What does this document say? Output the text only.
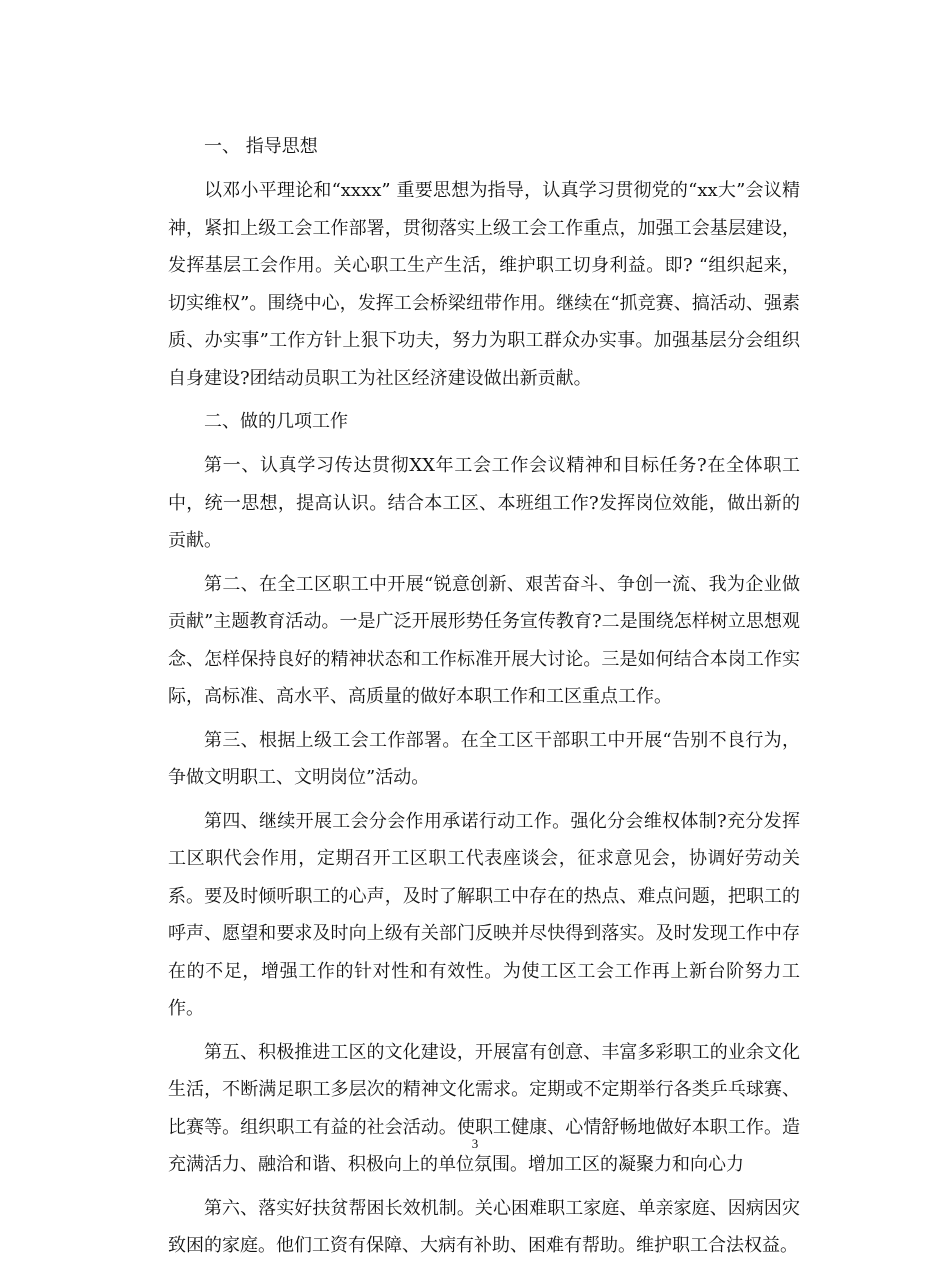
一、 指导思想

以邓小平理论和“xxxx” 重要思想为指导，认真学习贯彻党的“xx大”会议精神，紧扣上级工会工作部署，贯彻落实上级工会工作重点，加强工会基层建设，发挥基层工会作用。关心职工生产生活，维护职工切身利益。即? “组织起来，切实维权”。围绕中心，发挥工会桥梁纽带作用。继续在“抓竞赛、搞活动、强素质、办实事”工作方针上狠下功夫，努力为职工群众办实事。加强基层分会组织自身建设?团结动员职工为社区经济建设做出新贡献。

二、做的几项工作

第一、认真学习传达贯彻XX年工会工作会议精神和目标任务?在全体职工中，统一思想，提高认识。结合本工区、本班组工作?发挥岗位效能，做出新的贡献。

第二、在全工区职工中开展“锐意创新、艰苦奋斗、争创一流、我为企业做贡献”主题教育活动。一是广泛开展形势任务宣传教育?二是围绕怎样树立思想观念、怎样保持良好的精神状态和工作标准开展大讨论。三是如何结合本岗工作实际，高标准、高水平、高质量的做好本职工作和工区重点工作。

第三、根据上级工会工作部署。在全工区干部职工中开展“告别不良行为，争做文明职工、文明岗位”活动。

第四、继续开展工会分会作用承诺行动工作。强化分会维权体制?充分发挥工区职代会作用，定期召开工区职工代表座谈会，征求意见会，协调好劳动关系。要及时倾听职工的心声，及时了解职工中存在的热点、难点问题，把职工的呼声、愿望和要求及时向上级有关部门反映并尽快得到落实。及时发现工作中存在的不足，增强工作的针对性和有效性。为使工区工会工作再上新台阶努力工作。

第五、积极推进工区的文化建设，开展富有创意、丰富多彩职工的业余文化生活，不断满足职工多层次的精神文化需求。定期或不定期举行各类乒乓球赛、比赛等。组织职工有益的社会活动。使职工健康、心情舒畅地做好本职工作。造充满活力、融洽和谐、积极向上的单位氛围。增加工区的凝聚力和向心力

第六、落实好扶贫帮困长效机制。关心困难职工家庭、单亲家庭、因病因灾致困的家庭。他们工资有保障、大病有补助、困难有帮助。维护职工合法权益。

3
